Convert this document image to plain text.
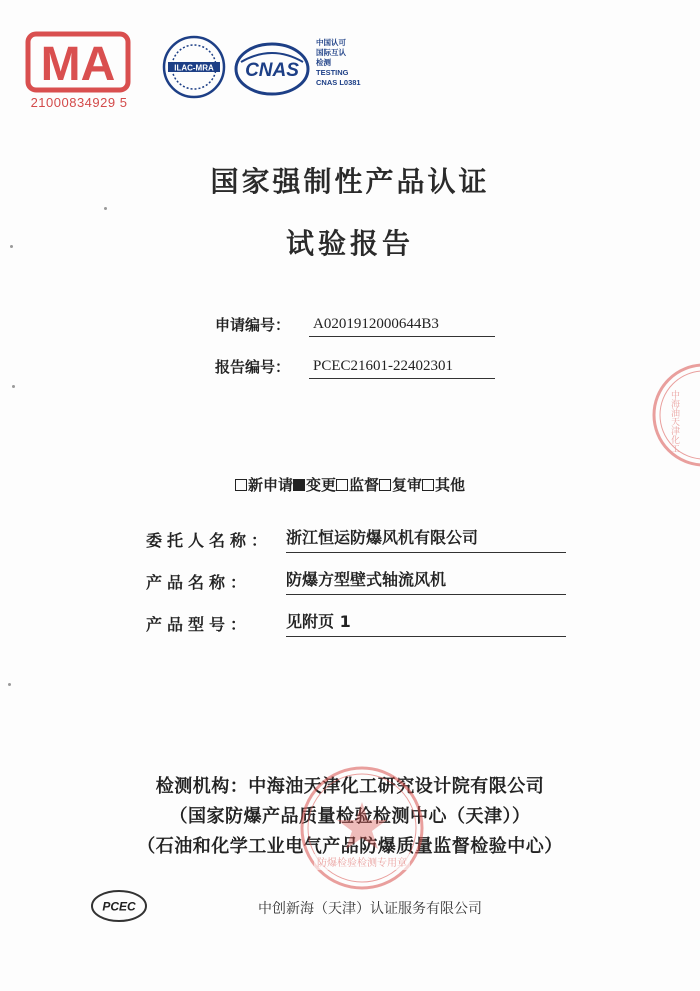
MA
21000834929 5
ILAC-MRA CNAS
中国认可
国际互认
检测
TESTING
CNAS L0381
国家强制性产品认证
试验报告
申请编号： A0201912000644B3
报告编号： PCEC21601-22402301
新申请 变更 监督 复审 其他
委托人名称： 浙江恒运防爆风机有限公司
产品名称：	防爆方型壁式轴流风机
产品型号：	见附页 1
检测机构：中海油天津化工研究设计院有限公司
（国家防爆产品质量检验检测中心（天津））
（石油和化学工业电气产品防爆质量监督检验中心）
防爆检验检测专用章
中海油天津化工
PCEC	中创新海（天津）认证服务有限公司
